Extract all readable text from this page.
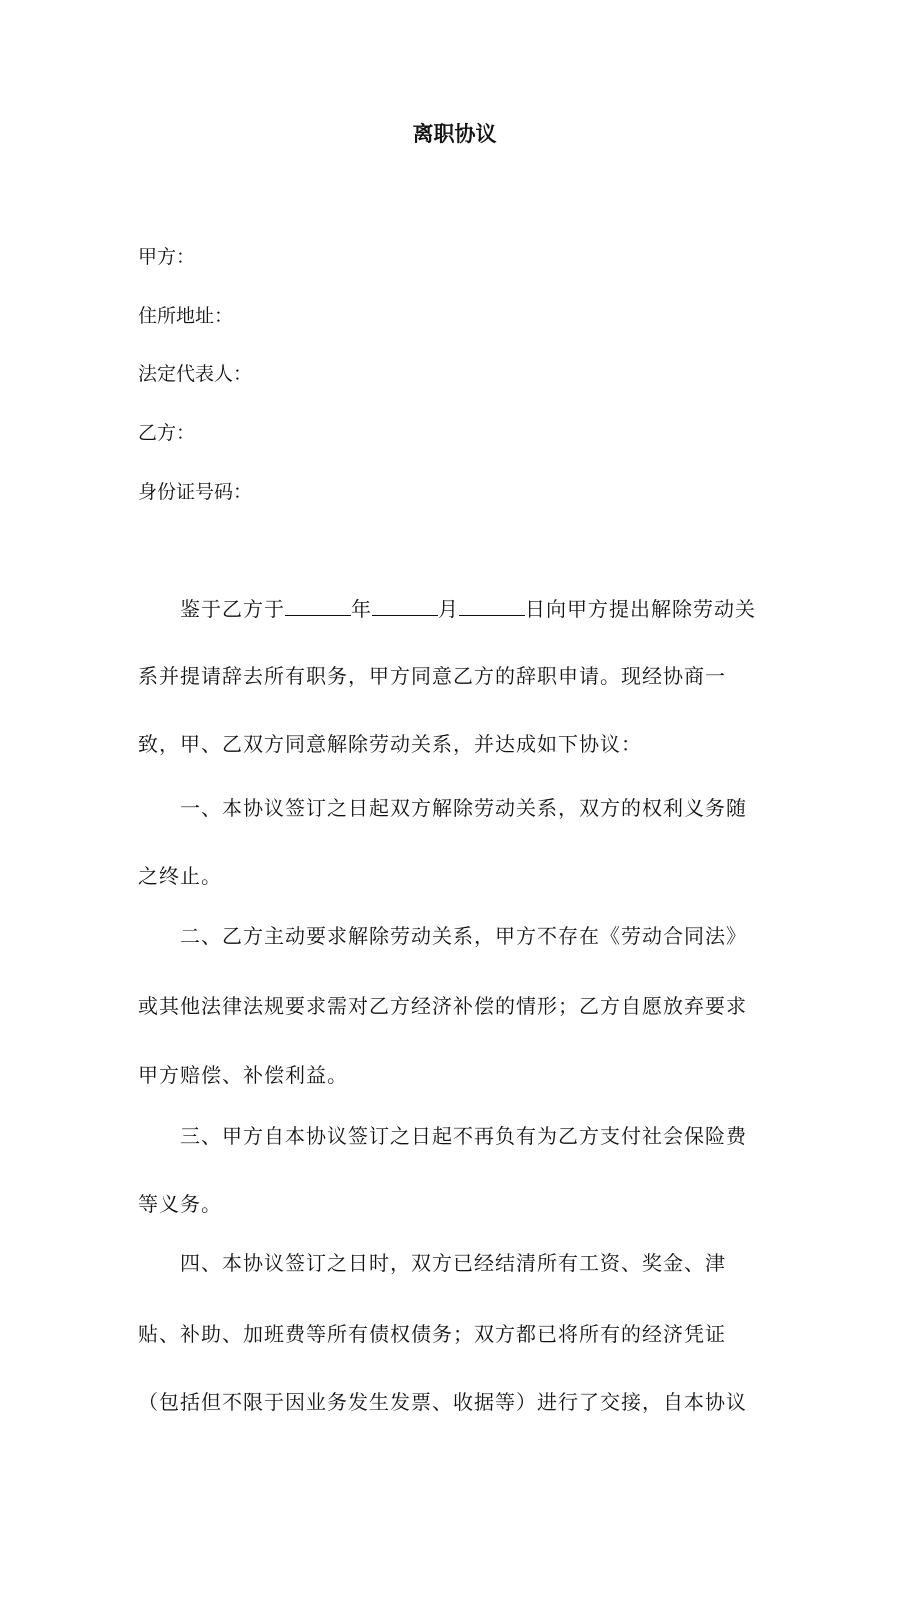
离职协议
甲方：
住所地址：
法定代表人：
乙方：
身份证号码：
鉴于乙方于	年	月	日向甲方提出解除劳动关
系并提请辞去所有职务，甲方同意乙方的辞职申请。现经协商一
致，甲、乙双方同意解除劳动关系，并达成如下协议：
一、本协议签订之日起双方解除劳动关系，双方的权利义务随
之终止。
二、乙方主动要求解除劳动关系，甲方不存在《劳动合同法》
或其他法律法规要求需对乙方经济补偿的情形；乙方自愿放弃要求
甲方赔偿、补偿利益。
三、甲方自本协议签订之日起不再负有为乙方支付社会保险费
等义务。
四、本协议签订之日时，双方已经结清所有工资、奖金、津
贴、补助、加班费等所有债权债务；双方都已将所有的经济凭证
（包括但不限于因业务发生发票、收据等）进行了交接，自本协议
